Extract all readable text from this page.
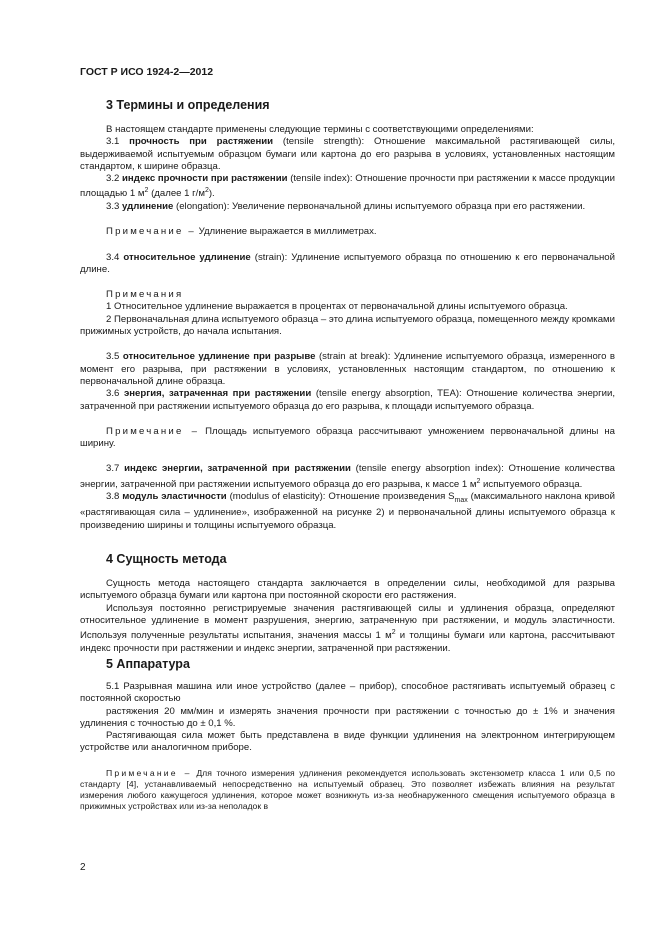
ГОСТ Р ИСО 1924-2—2012
3 Термины и определения

В настоящем стандарте применены следующие термины с соответствующими определениями:

3.1 прочность при растяжении (tensile strength): Отношение максимальной растягивающей силы, выдерживаемой испытуемым образцом бумаги или картона до его разрыва в условиях, установленных настоящим стандартом, к ширине образца.

3.2 индекс прочности при растяжении (tensile index): Отношение прочности при растяжении к массе продукции площадью 1 $м^2$ (далее 1 $г/м^2$).

3.3 удлинение (elongation): Увеличение первоначальной длины испытуемого образца при его растяжении.

Примечание – Удлинение выражается в миллиметрах.

3.4 относительное удлинение (strain): Удлинение испытуемого образца по отношению к его первоначальной длине.

Примечания

1 Относительное удлинение выражается в процентах от первоначальной длины испытуемого образца.

2 Первоначальная длина испытуемого образца – это длина испытуемого образца, помещенного между кромками прижимных устройств, до начала испытания.

3.5 относительное удлинение при разрыве (strain at break): Удлинение испытуемого образца, измеренного в момент его разрыва, при растяжении в условиях, установленных настоящим стандартом, по отношению к первоначальной длине образца.

3.6 энергия, затраченная при растяжении (tensile energy absorption, TEA): Отношение количества энергии, затраченной при растяжении испытуемого образца до его разрыва, к площади испытуемого образца.

Примечание – Площадь испытуемого образца рассчитывают умножением первоначальной длины на ширину.

3.7 индекс энергии, затраченной при растяжении (tensile energy absorption index): Отношение количества энергии, затраченной при растяжении испытуемого образца до его разрыва, к массе 1 $м^2$ испытуемого образца.

3.8 модуль эластичности (modulus of elasticity): Отношение произведения $S_{max}$ (максимального наклона кривой «растягивающая сила – удлинение», изображенной на рисунке 2) и первоначальной длины испытуемого образца к произведению ширины и толщины испытуемого образца.

4 Сущность метода

Сущность метода настоящего стандарта заключается в определении силы, необходимой для разрыва испытуемого образца бумаги или картона при постоянной скорости его растяжения.

Используя постоянно регистрируемые значения растягивающей силы и удлинения образца, определяют относительное удлинение в момент разрушения, энергию, затраченную при растяжении, и модуль эластичности. Используя полученные результаты испытания, значения массы 1 $м^2$ и толщины бумаги или картона, рассчитывают индекс прочности при растяжении и индекс энергии, затраченной при растяжении.

5 Аппаратура

5.1 Разрывная машина или иное устройство (далее – прибор), способное растягивать испытуемый образец с постоянной скоростью

растяжения 20 мм/мин и измерять значения прочности при растяжении с точностью до ± 1% и значения удлинения с точностью до ± 0,1 %.

Растягивающая сила может быть представлена в виде функции удлинения на электронном интегрирующем устройстве или аналогичном приборе.

Примечание – Для точного измерения удлинения рекомендуется использовать экстензометр класса 1 или 0,5 по стандарту [4], устанавливаемый непосредственно на испытуемый образец. Это позволяет избежать влияния на результат измерения любого кажущегося удлинения, которое может возникнуть из-за необнаруженного смещения испытуемого образца в прижимных устройствах или из-за неполадок в

2
